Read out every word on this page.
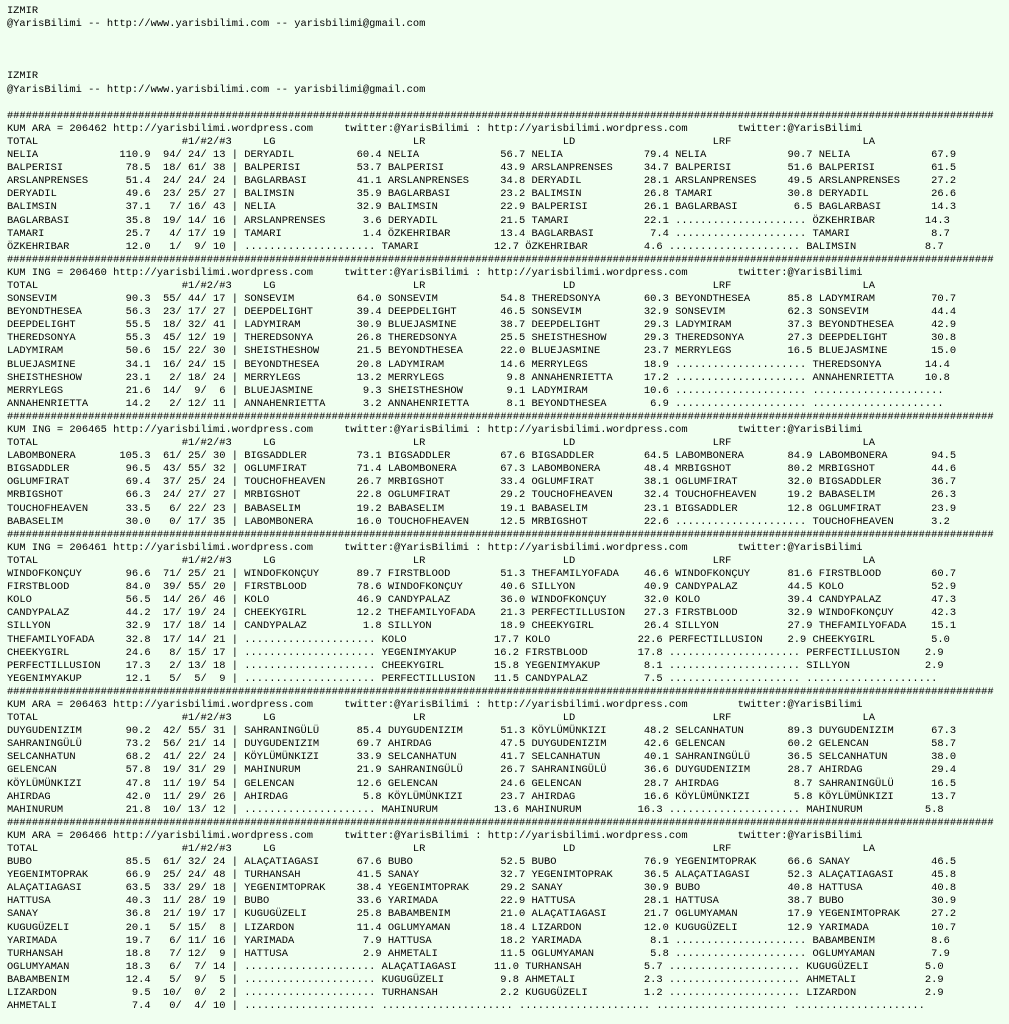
IZMIR
@YarisBilimi -- http://www.yarisbilimi.com -- yarisbilimi@gmail.com

IZMIR
@YarisBilimi -- http://www.yarisbilimi.com -- yarisbilimi@gmail.com

##############################################################################################################################################################
KUM ARA = 206462 http://yarisbilimi.wordpress.com     twitter:@YarisBilimi : http://yarisbilimi.wordpress.com        twitter:@YarisBilimi
TOTAL                       #1/#2/#3     LG                      LR                      LD                      LRF                     LA
NELIA             110.9  94/ 24/ 13 | DERYADIL          60.4 NELIA             56.7 NELIA             79.4 NELIA             90.7 NELIA             67.9
BALPERISI          78.5  18/ 61/ 38 | BALPERISI         53.7 BALPERISI         43.9 ARSLANPRENSES     34.7 BALPERISI         51.6 BALPERISI         61.5
ARSLANPRENSES      51.4  24/ 24/ 24 | BAGLARBASI        41.1 ARSLANPRENSES     34.8 DERYADIL          28.1 ARSLANPRENSES     49.5 ARSLANPRENSES     27.2
DERYADIL           49.6  23/ 25/ 27 | BALIMSIN          35.9 BAGLARBASI        23.2 BALIMSIN          26.8 TAMARI            30.8 DERYADIL          26.6
BALIMSIN           37.1   7/ 16/ 43 | NELIA             32.9 BALIMSIN          22.9 BALPERISI         26.1 BAGLARBASI         6.5 BAGLARBASI        14.3
BAGLARBASI         35.8  19/ 14/ 16 | ARSLANPRENSES      3.6 DERYADIL          21.5 TAMARI            22.1 ..................... ÖZKEHRIBAR        14.3
TAMARI             25.7   4/ 17/ 19 | TAMARI             1.4 ÖZKEHRIBAR        13.4 BAGLARBASI         7.4 ..................... TAMARI             8.7
ÖZKEHRIBAR         12.0   1/  9/ 10 | ..................... TAMARI            12.7 ÖZKEHRIBAR         4.6 ..................... BALIMSIN           8.7
##############################################################################################################################################################
KUM ING = 206460 http://yarisbilimi.wordpress.com     twitter:@YarisBilimi : http://yarisbilimi.wordpress.com        twitter:@YarisBilimi
TOTAL                       #1/#2/#3     LG                      LR                      LD                      LRF                     LA
SONSEVIM           90.3  55/ 44/ 17 | SONSEVIM          64.0 SONSEVIM          54.8 THEREDSONYA       60.3 BEYONDTHESEA      85.8 LADYMIRAM         70.7
BEYONDTHESEA       56.3  23/ 17/ 27 | DEEPDELIGHT       39.4 DEEPDELIGHT       46.5 SONSEVIM          32.9 SONSEVIM          62.3 SONSEVIM          44.4
DEEPDELIGHT        55.5  18/ 32/ 41 | LADYMIRAM         30.9 BLUEJASMINE       38.7 DEEPDELIGHT       29.3 LADYMIRAM         37.3 BEYONDTHESEA      42.9
THEREDSONYA        55.3  45/ 12/ 19 | THEREDSONYA       26.8 THEREDSONYA       25.5 SHEISTHESHOW      29.3 THEREDSONYA       27.3 DEEPDELIGHT       30.8
LADYMIRAM          50.6  15/ 22/ 30 | SHEISTHESHOW      21.5 BEYONDTHESEA      22.0 BLUEJASMINE       23.7 MERRYLEGS         16.5 BLUEJASMINE       15.0
BLUEJASMINE        34.1  16/ 24/ 15 | BEYONDTHESEA      20.8 LADYMIRAM         14.6 MERRYLEGS         18.9 ..................... THEREDSONYA       14.4
SHEISTHESHOW       23.1   2/ 18/ 24 | MERRYLEGS         13.2 MERRYLEGS          9.8 ANNAHENRIETTA     17.2 ..................... ANNAHENRIETTA     10.8
MERRYLEGS          21.6  14/  9/  6 | BLUEJASMINE        9.3 SHEISTHESHOW       9.1 LADYMIRAM         10.6 ..................... .....................
ANNAHENRIETTA      14.2   2/ 12/ 11 | ANNAHENRIETTA      3.2 ANNAHENRIETTA      8.1 BEYONDTHESEA       6.9 ..................... .....................
##############################################################################################################################################################
KUM ING = 206465 http://yarisbilimi.wordpress.com     twitter:@YarisBilimi : http://yarisbilimi.wordpress.com        twitter:@YarisBilimi
TOTAL                       #1/#2/#3     LG                      LR                      LD                      LRF                     LA
LABOMBONERA       105.3  61/ 25/ 30 | BIGSADDLER        73.1 BIGSADDLER        67.6 BIGSADDLER        64.5 LABOMBONERA       84.9 LABOMBONERA       94.5
BIGSADDLER         96.5  43/ 55/ 32 | OGLUMFIRAT        71.4 LABOMBONERA       67.3 LABOMBONERA       48.4 MRBIGSHOT         80.2 MRBIGSHOT         44.6
OGLUMFIRAT         69.4  37/ 25/ 24 | TOUCHOFHEAVEN     26.7 MRBIGSHOT         33.4 OGLUMFIRAT        38.1 OGLUMFIRAT        32.0 BIGSADDLER        36.7
MRBIGSHOT          66.3  24/ 27/ 27 | MRBIGSHOT         22.8 OGLUMFIRAT        29.2 TOUCHOFHEAVEN     32.4 TOUCHOFHEAVEN     19.2 BABASELIM         26.3
TOUCHOFHEAVEN      33.5   6/ 22/ 23 | BABASELIM         19.2 BABASELIM         19.1 BABASELIM         23.1 BIGSADDLER        12.8 OGLUMFIRAT        23.9
BABASELIM          30.0   0/ 17/ 35 | LABOMBONERA       16.0 TOUCHOFHEAVEN     12.5 MRBIGSHOT         22.6 ..................... TOUCHOFHEAVEN      3.2
##############################################################################################################################################################
KUM ING = 206461 http://yarisbilimi.wordpress.com     twitter:@YarisBilimi : http://yarisbilimi.wordpress.com        twitter:@YarisBilimi
TOTAL                       #1/#2/#3     LG                      LR                      LD                      LRF                     LA
WINDOFKONÇUY       96.6  71/ 25/ 21 | WINDOFKONÇUY      89.7 FIRSTBLOOD        51.3 THEFAMILYOFADA    46.6 WINDOFKONÇUY      81.6 FIRSTBLOOD        60.7
FIRSTBLOOD         84.0  39/ 55/ 20 | FIRSTBLOOD        78.6 WINDOFKONÇUY      40.6 SILLYON           40.9 CANDYPALAZ        44.5 KOLO              52.9
KOLO               56.5  14/ 26/ 46 | KOLO              46.9 CANDYPALAZ        36.0 WINDOFKONÇUY      32.0 KOLO              39.4 CANDYPALAZ        47.3
CANDYPALAZ         44.2  17/ 19/ 24 | CHEEKYGIRL        12.2 THEFAMILYOFADA    21.3 PERFECTILLUSION   27.3 FIRSTBLOOD        32.9 WINDOFKONÇUY      42.3
SILLYON            32.9  17/ 18/ 14 | CANDYPALAZ         1.8 SILLYON           18.9 CHEEKYGIRL        26.4 SILLYON           27.9 THEFAMILYOFADA    15.1
THEFAMILYOFADA     32.8  17/ 14/ 21 | ..................... KOLO              17.7 KOLO              22.6 PERFECTILLUSION    2.9 CHEEKYGIRL         5.0
CHEEKYGIRL         24.6   8/ 15/ 17 | ..................... YEGENIMYAKUP      16.2 FIRSTBLOOD        17.8 ..................... PERFECTILLUSION    2.9
PERFECTILLUSION    17.3   2/ 13/ 18 | ..................... CHEEKYGIRL        15.8 YEGENIMYAKUP       8.1 ..................... SILLYON            2.9
YEGENIMYAKUP       12.1   5/  5/  9 | ..................... PERFECTILLUSION   11.5 CANDYPALAZ         7.5 ..................... .....................
##############################################################################################################################################################
KUM ARA = 206463 http://yarisbilimi.wordpress.com     twitter:@YarisBilimi : http://yarisbilimi.wordpress.com        twitter:@YarisBilimi
TOTAL                       #1/#2/#3     LG                      LR                      LD                      LRF                     LA
DUYGUDENIZIM       90.2  42/ 55/ 31 | SAHRANINGÜLÜ      85.4 DUYGUDENIZIM      51.3 KÖYLÜMÜNKIZI      48.2 SELCANHATUN       89.3 DUYGUDENIZIM      67.3
SAHRANINGÜLÜ       73.2  56/ 21/ 14 | DUYGUDENIZIM      69.7 AHIRDAG           47.5 DUYGUDENIZIM      42.6 GELENCAN          60.2 GELENCAN          58.7
SELCANHATUN        68.2  41/ 22/ 24 | KÖYLÜMÜNKIZI      33.9 SELCANHATUN       41.7 SELCANHATUN       40.1 SAHRANINGÜLÜ      36.5 SELCANHATUN       38.0
GELENCAN           57.8  19/ 31/ 29 | MAHINURUM         21.9 SAHRANINGÜLÜ      26.7 SAHRANINGÜLÜ      36.6 DUYGUDENIZIM      28.7 AHIRDAG           29.4
KÖYLÜMÜNKIZI       47.8  11/ 19/ 54 | GELENCAN          12.6 GELENCAN          24.6 GELENCAN          28.7 AHIRDAG            8.7 SAHRANINGÜLÜ      16.5
AHIRDAG            42.0  11/ 29/ 26 | AHIRDAG            5.8 KÖYLÜMÜNKIZI      23.7 AHIRDAG           16.6 KÖYLÜMÜNKIZI       5.8 KÖYLÜMÜNKIZI      13.7
MAHINURUM          21.8  10/ 13/ 12 | ..................... MAHINURUM         13.6 MAHINURUM         16.3 ..................... MAHINURUM          5.8
##############################################################################################################################################################
KUM ARA = 206466 http://yarisbilimi.wordpress.com     twitter:@YarisBilimi : http://yarisbilimi.wordpress.com        twitter:@YarisBilimi
TOTAL                       #1/#2/#3     LG                      LR                      LD                      LRF                     LA
BUBO               85.5  61/ 32/ 24 | ALAÇATIAGASI      67.6 BUBO              52.5 BUBO              76.9 YEGENIMTOPRAK     66.6 SANAY             46.5
YEGENIMTOPRAK      66.9  25/ 24/ 48 | TURHANSAH         41.5 SANAY             32.7 YEGENIMTOPRAK     36.5 ALAÇATIAGASI      52.3 ALAÇATIAGASI      45.8
ALAÇATIAGASI       63.5  33/ 29/ 18 | YEGENIMTOPRAK     38.4 YEGENIMTOPRAK     29.2 SANAY             30.9 BUBO              40.8 HATTUSA           40.8
HATTUSA            40.3  11/ 28/ 19 | BUBO              33.6 YARIMADA          22.9 HATTUSA           28.1 HATTUSA           38.7 BUBO              30.9
SANAY              36.8  21/ 19/ 17 | KUGUGÜZELI        25.8 BABAMBENIM        21.0 ALAÇATIAGASI      21.7 OGLUMYAMAN        17.9 YEGENIMTOPRAK     27.2
KUGUGÜZELI         20.1   5/ 15/  8 | LIZARDON          11.4 OGLUMYAMAN        18.4 LIZARDON          12.0 KUGUGÜZELI        12.9 YARIMADA          10.7
YARIMADA           19.7   6/ 11/ 16 | YARIMADA           7.9 HATTUSA           18.2 YARIMADA           8.1 ..................... BABAMBENIM         8.6
TURHANSAH          18.8   7/ 12/  9 | HATTUSA            2.9 AHMETALI          11.5 OGLUMYAMAN         5.8 ..................... OGLUMYAMAN         7.9
OGLUMYAMAN         18.3   6/  7/ 14 | ..................... ALAÇATIAGASI      11.0 TURHANSAH          5.7 ..................... KUGUGÜZELI         5.0
BABAMBENIM         12.4   5/  9/  5 | ..................... KUGUGÜZELI         9.8 AHMETALI           2.3 ..................... AHMETALI           2.9
LIZARDON            9.5  10/  0/  2 | ..................... TURHANSAH          2.2 KUGUGÜZELI         1.2 ..................... LIZARDON           2.9
AHMETALI            7.4   0/  4/ 10 | ..................... ..................... ..................... ..................... .....................
